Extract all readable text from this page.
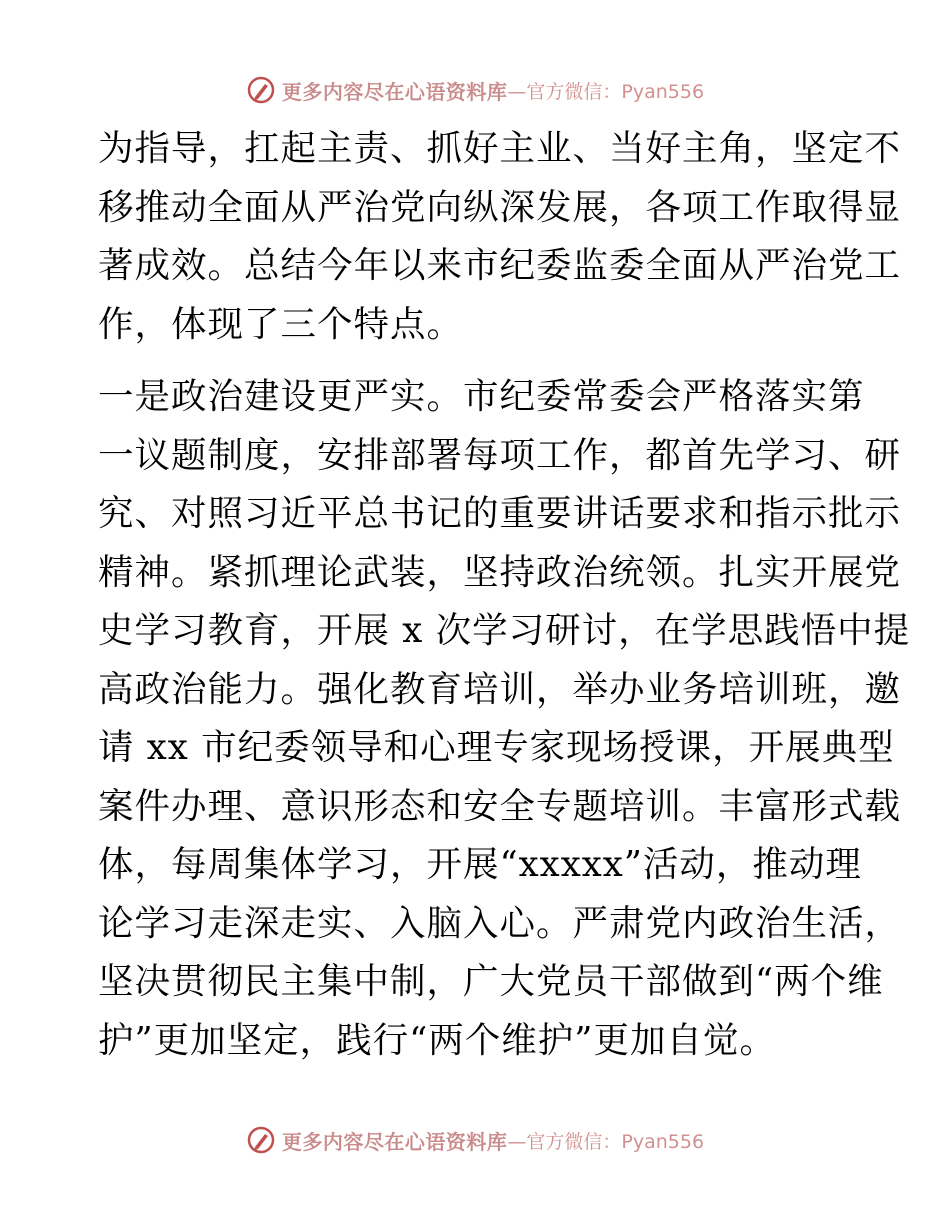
更多内容尽在心语资料库 —官方微信：Pyan556
为指导，扛起主责、抓好主业、当好主角，坚定不
移推动全面从严治党向纵深发展，各项工作取得显
著成效。总结今年以来市纪委监委全面从严治党工
作，体现了三个特点。
一是政治建设更严实。市纪委常委会严格落实第
一议题制度，安排部署每项工作，都首先学习、研
究、对照习近平总书记的重要讲话要求和指示批示
精神。紧抓理论武装，坚持政治统领。扎实开展党
史学习教育，开展 x 次学习研讨，在学思践悟中提
高政治能力。强化教育培训，举办业务培训班，邀
请 xx 市纪委领导和心理专家现场授课，开展典型
案件办理、意识形态和安全专题培训。丰富形式载
体，每周集体学习，开展“xxxxx”活动，推动理
论学习走深走实、入脑入心。严肃党内政治生活，
坚决贯彻民主集中制，广大党员干部做到“两个维
护”更加坚定，践行“两个维护”更加自觉。
更多内容尽在心语资料库 —官方微信：Pyan556
